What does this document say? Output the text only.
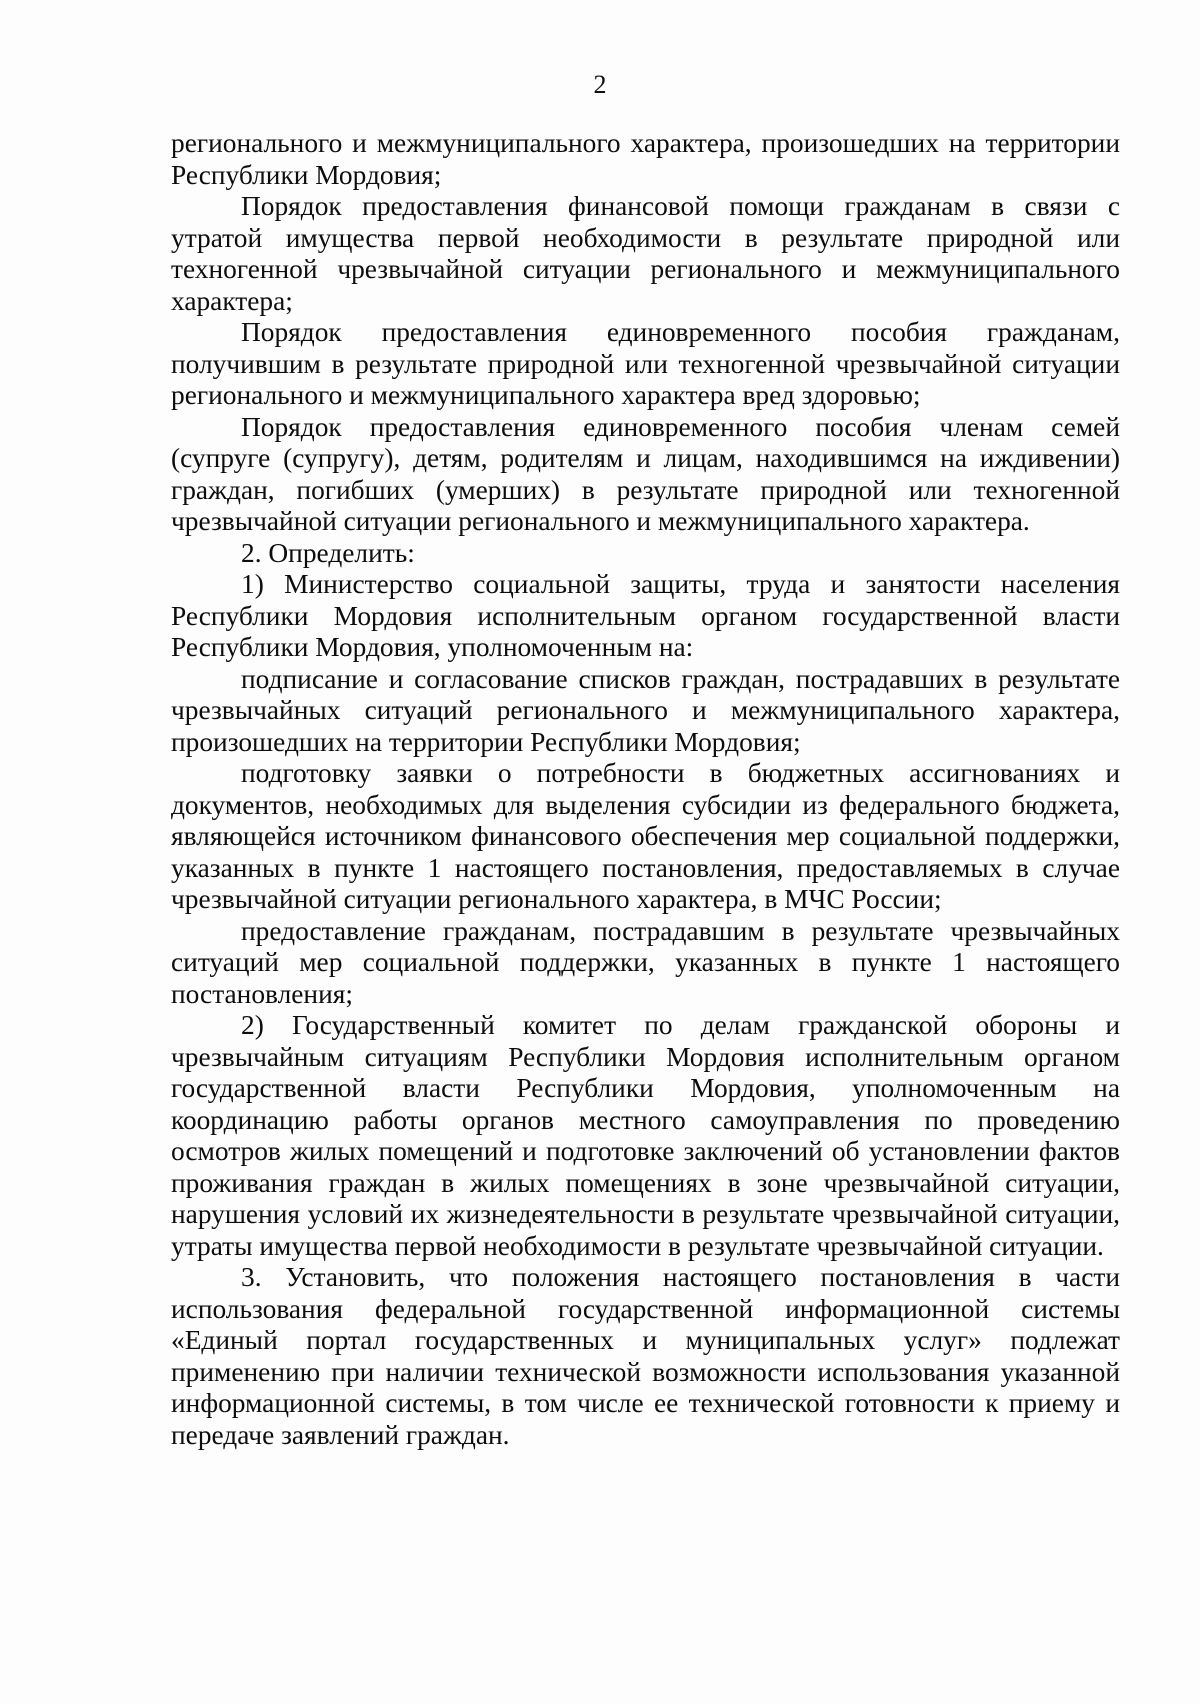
2

регионального и межмуниципального характера, произошедших на территории Республики Мордовия;

Порядок предоставления финансовой помощи гражданам в связи с утратой имущества первой необходимости в результате природной или техногенной чрезвычайной ситуации регионального и межмуниципального характера;

Порядок предоставления единовременного пособия гражданам, получившим в результате природной или техногенной чрезвычайной ситуации регионального и межмуниципального характера вред здоровью;

Порядок предоставления единовременного пособия членам семей (супруге (супругу), детям, родителям и лицам, находившимся на иждивении) граждан, погибших (умерших) в результате природной или техногенной чрезвычайной ситуации регионального и межмуниципального характера.

2. Определить:

1) Министерство социальной защиты, труда и занятости населения Республики Мордовия исполнительным органом государственной власти Республики Мордовия, уполномоченным на:

подписание и согласование списков граждан, пострадавших в результате чрезвычайных ситуаций регионального и межмуниципального характера, произошедших на территории Республики Мордовия;

подготовку заявки о потребности в бюджетных ассигнованиях и документов, необходимых для выделения субсидии из федерального бюджета, являющейся источником финансового обеспечения мер социальной поддержки, указанных в пункте 1 настоящего постановления, предоставляемых в случае чрезвычайной ситуации регионального характера, в МЧС России;

предоставление гражданам, пострадавшим в результате чрезвычайных ситуаций мер социальной поддержки, указанных в пункте 1 настоящего постановления;

2) Государственный комитет по делам гражданской обороны и чрезвычайным ситуациям Республики Мордовия исполнительным органом государственной власти Республики Мордовия, уполномоченным на координацию работы органов местного самоуправления по проведению осмотров жилых помещений и подготовке заключений об установлении фактов проживания граждан в жилых помещениях в зоне чрезвычайной ситуации, нарушения условий их жизнедеятельности в результате чрезвычайной ситуации, утраты имущества первой необходимости в результате чрезвычайной ситуации.

3. Установить, что положения настоящего постановления в части использования федеральной государственной информационной системы «Единый портал государственных и муниципальных услуг» подлежат применению при наличии технической возможности использования указанной информационной системы, в том числе ее технической готовности к приему и передаче заявлений граждан.
